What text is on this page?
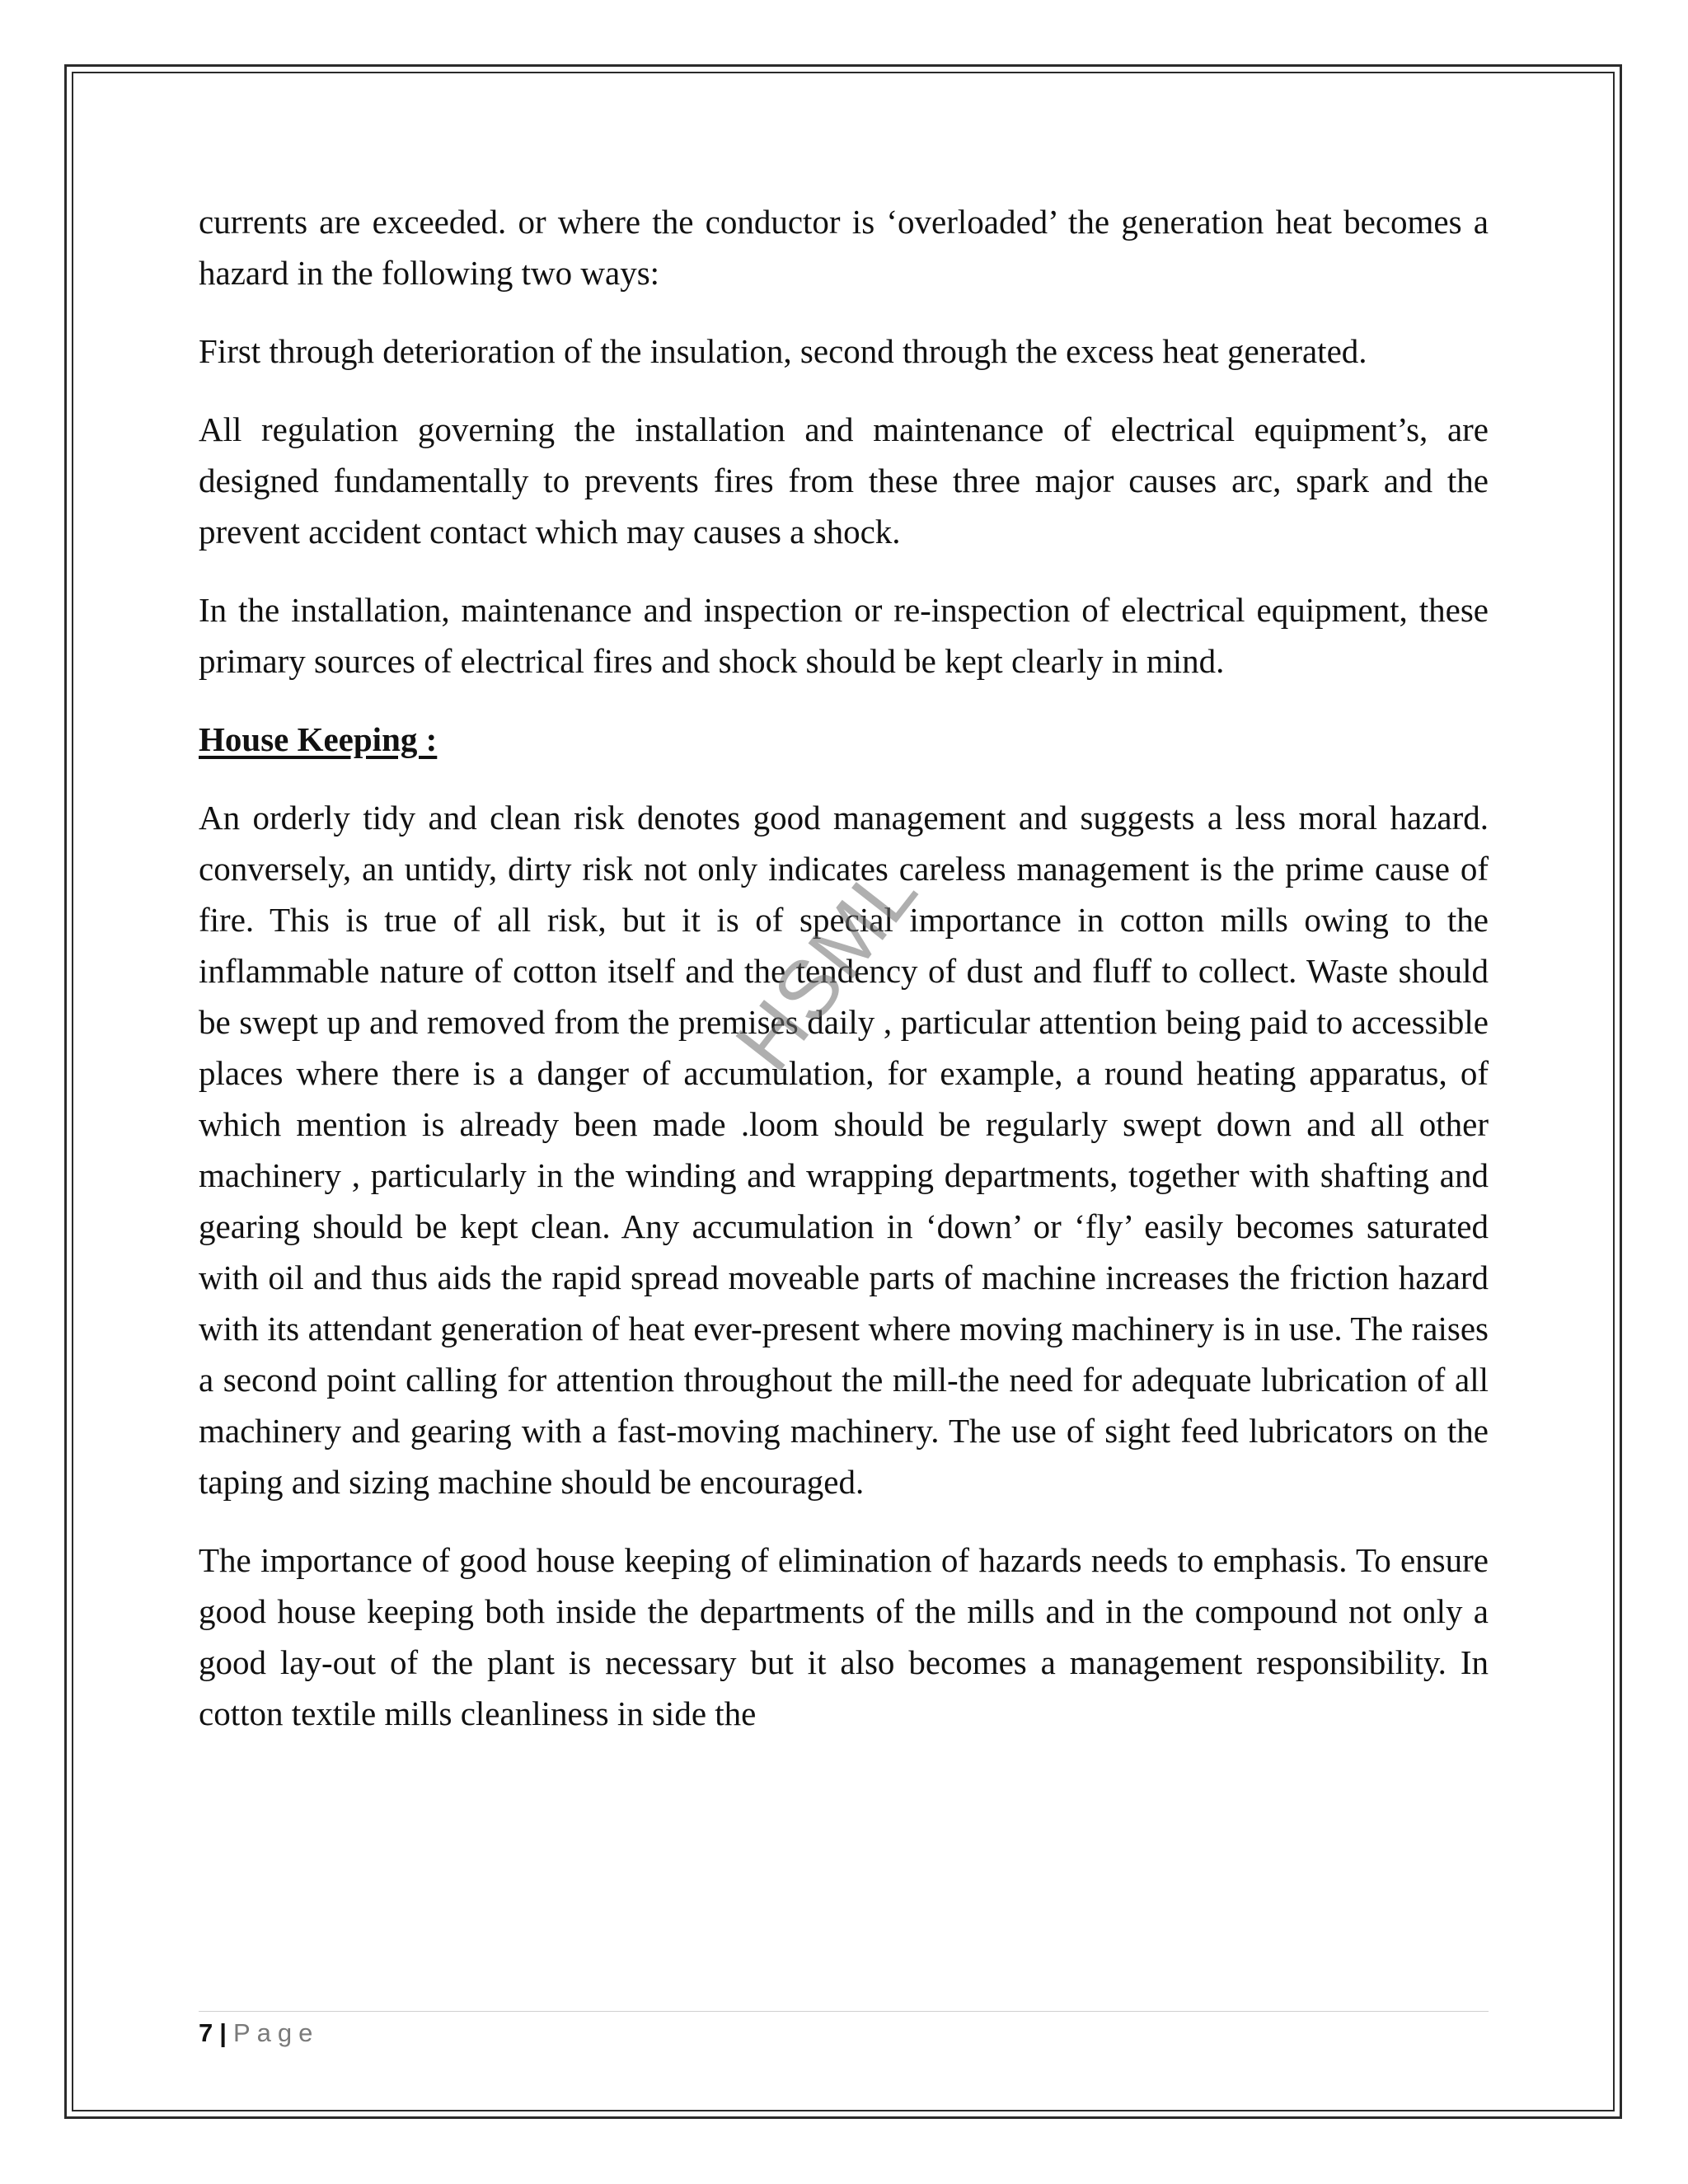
currents are exceeded. or where the conductor is ‘overloaded’ the generation heat becomes a hazard in the following two ways:

First through deterioration of the insulation, second through the excess heat generated.

All regulation governing the installation and maintenance of electrical equipment’s, are designed fundamentally to prevents fires from these three major causes arc, spark and the prevent accident contact which may causes a shock.

In the installation, maintenance and inspection or re-inspection of electrical equipment, these primary sources of electrical fires and shock should be kept clearly in mind.

House Keeping :

An orderly tidy and clean risk denotes good management and suggests a less moral hazard. conversely, an untidy, dirty risk not only indicates careless management is the prime cause of fire. This is true of all risk, but it is of special importance in cotton mills owing to the inflammable nature of cotton itself and the tendency of dust and fluff to collect. Waste should be swept up and removed from the premises daily , particular attention being paid to accessible places where there is a danger of accumulation, for example, a round heating apparatus, of which mention is already been made .loom should be regularly swept down and all other machinery , particularly in the winding and wrapping departments, together with shafting and gearing should be kept clean. Any accumulation in ‘down’ or ‘fly’ easily becomes saturated with oil and thus aids the rapid spread moveable parts of machine increases the friction hazard with its attendant generation of heat ever-present where moving machinery is in use. The raises a second point calling for attention throughout the mill-the need for adequate lubrication of all machinery and gearing with a fast-moving machinery. The use of sight feed lubricators on the taping and sizing machine should be encouraged.

The importance of good house keeping of elimination of hazards needs to emphasis. To ensure good house keeping both inside the departments of the mills and in the compound not only a good lay-out of the plant is necessary but it also becomes a management responsibility. In cotton textile mills cleanliness in side the

HSML
7 | Page
